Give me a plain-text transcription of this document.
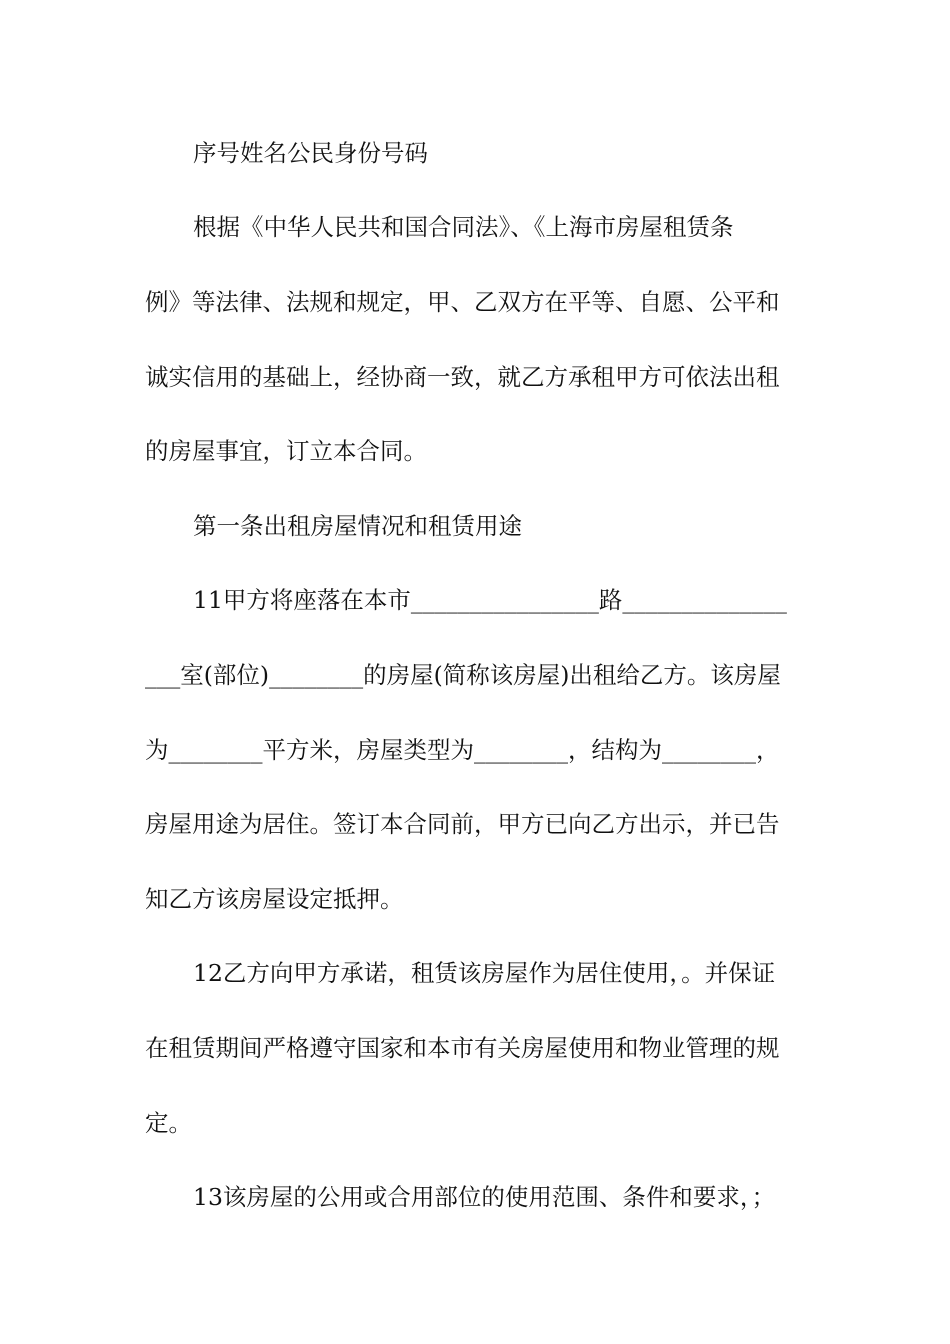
序号姓名公民身份号码
根据《中华人民共和国合同法》、《上海市房屋租赁条
例》等法律、法规和规定，甲、乙双方在平等、自愿、公平和
诚实信用的基础上，经协商一致，就乙方承租甲方可依法出租
的房屋事宜，订立本合同。
第一条出租房屋情况和租赁用途
11甲方将座落在本市________________路______________
___室(部位)________的房屋(简称该房屋)出租给乙方。该房屋
为________平方米，房屋类型为________，结构为________，
房屋用途为居住。签订本合同前，甲方已向乙方出示，并已告
知乙方该房屋设定抵押。
12乙方向甲方承诺，租赁该房屋作为居住使用，。并保证
在租赁期间严格遵守国家和本市有关房屋使用和物业管理的规
定。
13该房屋的公用或合用部位的使用范围、条件和要求，；
